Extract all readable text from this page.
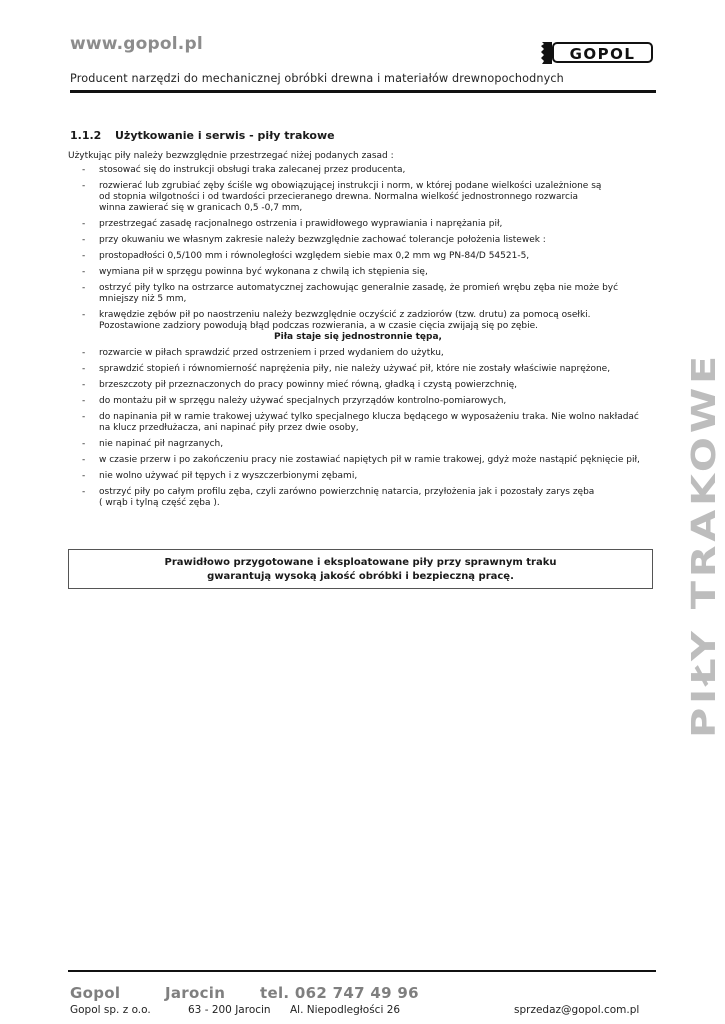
www.gopol.pl	GOPOL
Producent narzędzi do mechanicznej obróbki drewna i materiałów drewnopochodnych
1.1.2 Użytkowanie i serwis - piły trakowe
Użytkując piły należy bezwzględnie przestrzegać niżej podanych zasad :
- stosować się do instrukcji obsługi traka zalecanej przez producenta,
- rozwierać lub zgrubiać zęby ściśle wg obowiązującej instrukcji i norm, w której podane wielkości uzależnione są
od stopnia wilgotności i od twardości przecieranego drewna. Normalna wielkość jednostronnego rozwarcia
winna zawierać się w granicach 0,5 -0,7 mm,
- przestrzegać zasadę racjonalnego ostrzenia i prawidłowego wyprawiania i naprężania pił,
- przy okuwaniu we własnym zakresie należy bezwzględnie zachować tolerancje położenia listewek :
- prostopadłości 0,5/100 mm i równoległości względem siebie max 0,2 mm wg PN-84/D 54521-5,
- wymiana pił w sprzęgu powinna być wykonana z chwilą ich stępienia się,
- ostrzyć piły tylko na ostrzarce automatycznej zachowując generalnie zasadę, że promień wrębu zęba nie może być
mniejszy niż 5 mm,
- krawędzie zębów pił po naostrzeniu należy bezwzględnie oczyścić z zadziorów (tzw. drutu) za pomocą osełki.
Pozostawione zadziory powodują błąd podczas rozwierania, a w czasie cięcia zwijają się po zębie.
Piła staje się jednostronnie tępa,
- rozwarcie w piłach sprawdzić przed ostrzeniem i przed wydaniem do użytku,
- sprawdzić stopień i równomierność naprężenia piły, nie należy używać pił, które nie zostały właściwie naprężone,
- brzeszczoty pił przeznaczonych do pracy powinny mieć równą, gładką i czystą powierzchnię,
- do montażu pił w sprzęgu należy używać specjalnych przyrządów kontrolno-pomiarowych,
- do napinania pił w ramie trakowej używać tylko specjalnego klucza będącego w wyposażeniu traka. Nie wolno nakładać
na klucz przedłużacza, ani napinać piły przez dwie osoby,
- nie napinać pił nagrzanych,
- w czasie przerw i po zakończeniu pracy nie zostawiać napiętych pił w ramie trakowej, gdyż może nastąpić pęknięcie pił,
- nie wolno używać pił tępych i z wyszczerbionymi zębami,
- ostrzyć piły po całym profilu zęba, czyli zarówno powierzchnię natarcia, przyłożenia jak i pozostały zarys zęba
( wrąb i tylną część zęba ).	PIŁY TRAKOWE
Prawidłowo przygotowane i eksploatowane piły przy sprawnym traku
gwarantują wysoką jakość obróbki i bezpieczną pracę.
Gopol	Jarocin tel. 062 747 49 96
Gopol sp. z o.o.	63 - 200 Jarocin Al. Niepodległości 26	sprzedaz@gopol.com.pl
